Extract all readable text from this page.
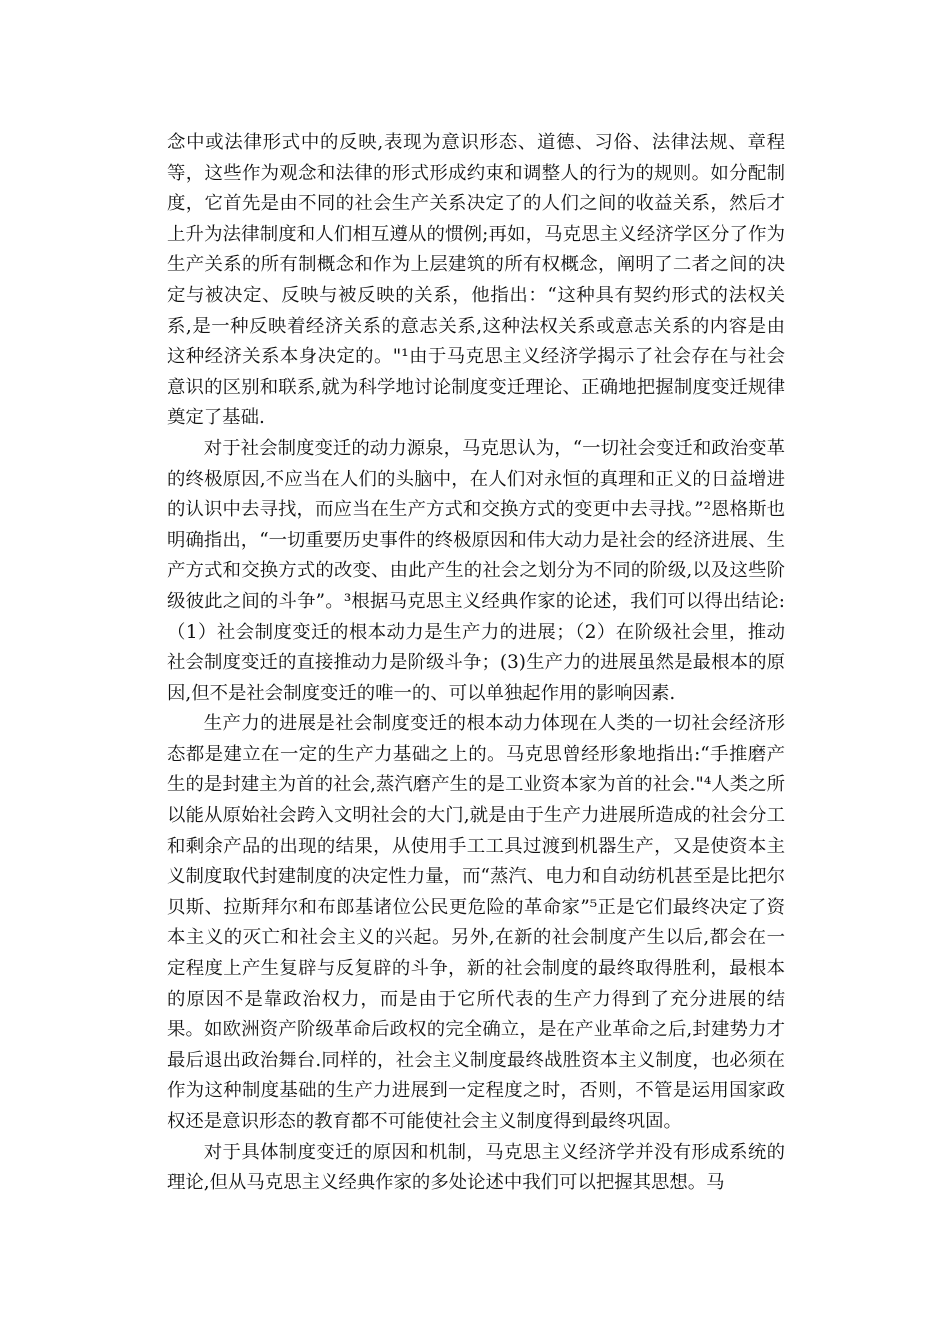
念中或法律形式中的反映,表现为意识形态、道德、习俗、法律法规、章程等，这些作为观念和法律的形式形成约束和调整人的行为的规则。如分配制度，它首先是由不同的社会生产关系决定了的人们之间的收益关系，然后才上升为法律制度和人们相互遵从的惯例;再如，马克思主义经济学区分了作为生产关系的所有制概念和作为上层建筑的所有权概念，阐明了二者之间的决定与被决定、反映与被反映的关系，他指出：“这种具有契约形式的法权关系,是一种反映着经济关系的意志关系,这种法权关系或意志关系的内容是由这种经济关系本身决定的。"¹由于马克思主义经济学揭示了社会存在与社会意识的区别和联系,就为科学地讨论制度变迁理论、正确地把握制度变迁规律奠定了基础.

对于社会制度变迁的动力源泉，马克思认为，“一切社会变迁和政治变革的终极原因,不应当在人们的头脑中，在人们对永恒的真理和正义的日益增进的认识中去寻找，而应当在生产方式和交换方式的变更中去寻找。”²恩格斯也明确指出，“一切重要历史事件的终极原因和伟大动力是社会的经济进展、生产方式和交换方式的改变、由此产生的社会之划分为不同的阶级,以及这些阶级彼此之间的斗争”。³根据马克思主义经典作家的论述，我们可以得出结论:（1）社会制度变迁的根本动力是生产力的进展；（2）在阶级社会里，推动社会制度变迁的直接推动力是阶级斗争；(3)生产力的进展虽然是最根本的原因,但不是社会制度变迁的唯一的、可以单独起作用的影响因素.

生产力的进展是社会制度变迁的根本动力体现在人类的一切社会经济形态都是建立在一定的生产力基础之上的。马克思曾经形象地指出:“手推磨产生的是封建主为首的社会,蒸汽磨产生的是工业资本家为首的社会."⁴人类之所以能从原始社会跨入文明社会的大门,就是由于生产力进展所造成的社会分工和剩余产品的出现的结果，从使用手工工具过渡到机器生产，又是使资本主义制度取代封建制度的决定性力量，而“蒸汽、电力和自动纺机甚至是比把尔贝斯、拉斯拜尔和布郎基诸位公民更危险的革命家”⁵正是它们最终决定了资本主义的灭亡和社会主义的兴起。另外,在新的社会制度产生以后,都会在一定程度上产生复辟与反复辟的斗争，新的社会制度的最终取得胜利，最根本的原因不是靠政治权力，而是由于它所代表的生产力得到了充分进展的结果。如欧洲资产阶级革命后政权的完全确立，是在产业革命之后,封建势力才最后退出政治舞台.同样的，社会主义制度最终战胜资本主义制度，也必须在作为这种制度基础的生产力进展到一定程度之时，否则，不管是运用国家政权还是意识形态的教育都不可能使社会主义制度得到最终巩固。

对于具体制度变迁的原因和机制，马克思主义经济学并没有形成系统的理论,但从马克思主义经典作家的多处论述中我们可以把握其思想。马
